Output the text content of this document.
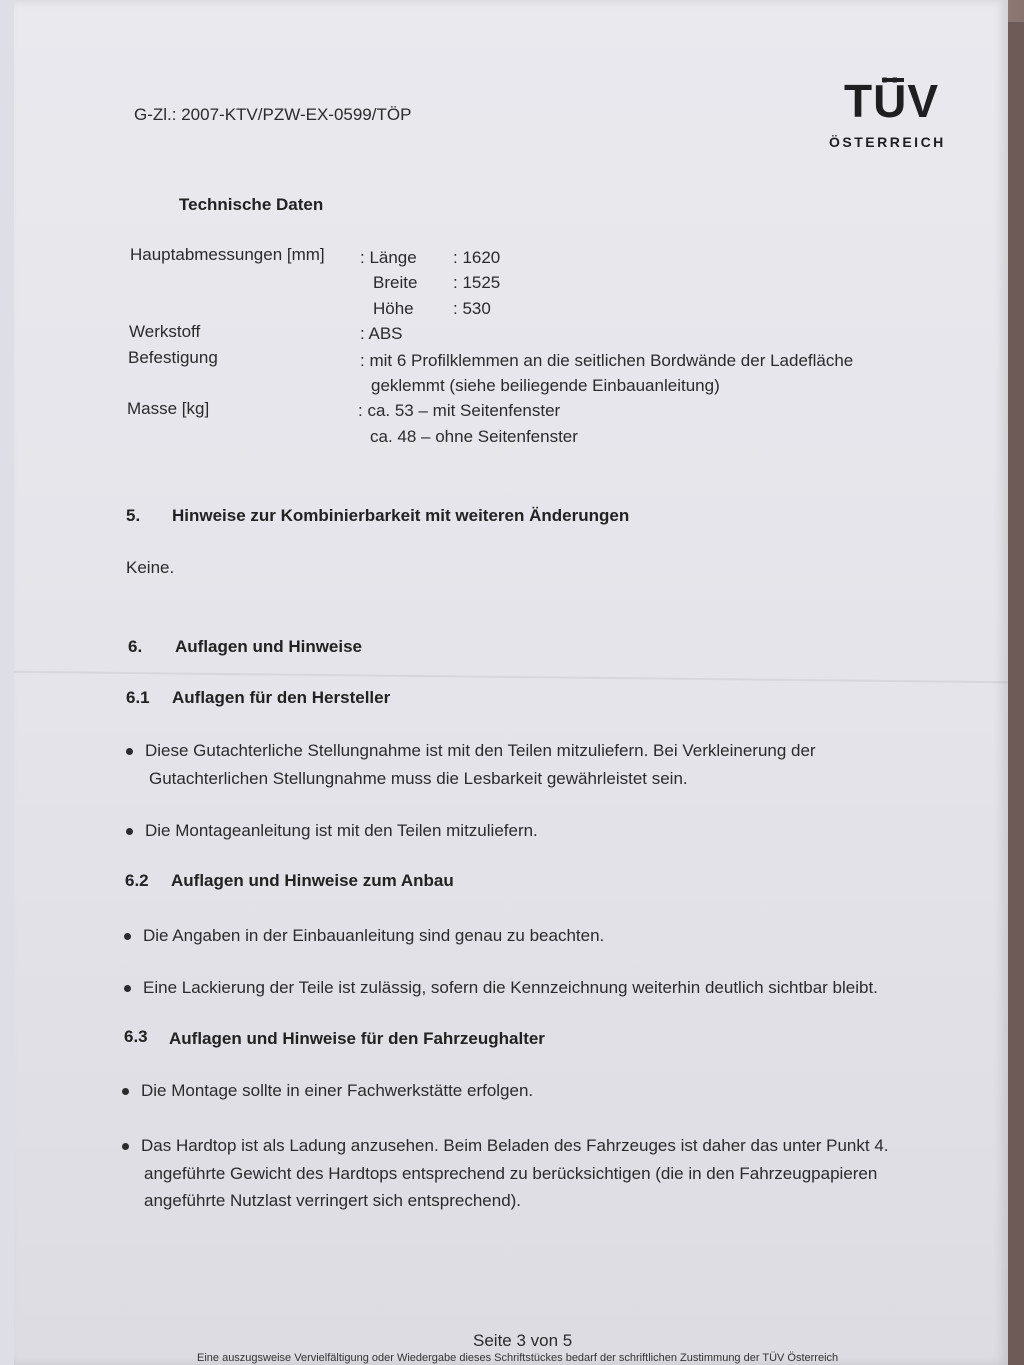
G-Zl.: 2007-KTV/PZW-EX-0599/TÖP	TÜV
ÖSTERREICH
Technische Daten
Hauptabmessungen [mm] : Länge : 1620
Breite : 1525
Höhe : 530
Werkstoff	: ABS
Befestigung	: mit 6 Profilklemmen an die seitlichen Bordwände der Ladefläche
geklemmt (siehe beiliegende Einbauanleitung)
Masse [kg]	: ca. 53 – mit Seitenfenster
ca. 48 – ohne Seitenfenster
5. Hinweise zur Kombinierbarkeit mit weiteren Änderungen
Keine.
6. Auflagen und Hinweise
6.1 Auflagen für den Hersteller
Diese Gutachterliche Stellungnahme ist mit den Teilen mitzuliefern. Bei Verkleinerung der
Gutachterlichen Stellungnahme muss die Lesbarkeit gewährleistet sein.
Die Montageanleitung ist mit den Teilen mitzuliefern.
6.2 Auflagen und Hinweise zum Anbau
Die Angaben in der Einbauanleitung sind genau zu beachten.
Eine Lackierung der Teile ist zulässig, sofern die Kennzeichnung weiterhin deutlich sichtbar bleibt.
6.3 Auflagen und Hinweise für den Fahrzeughalter
Die Montage sollte in einer Fachwerkstätte erfolgen.
Das Hardtop ist als Ladung anzusehen. Beim Beladen des Fahrzeuges ist daher das unter Punkt 4.
angeführte Gewicht des Hardtops entsprechend zu berücksichtigen (die in den Fahrzeugpapieren
angeführte Nutzlast verringert sich entsprechend).
Seite 3 von 5
Eine auszugsweise Vervielfältigung oder Wiedergabe dieses Schriftstückes bedarf der schriftlichen Zustimmung der TÜV Österreich
